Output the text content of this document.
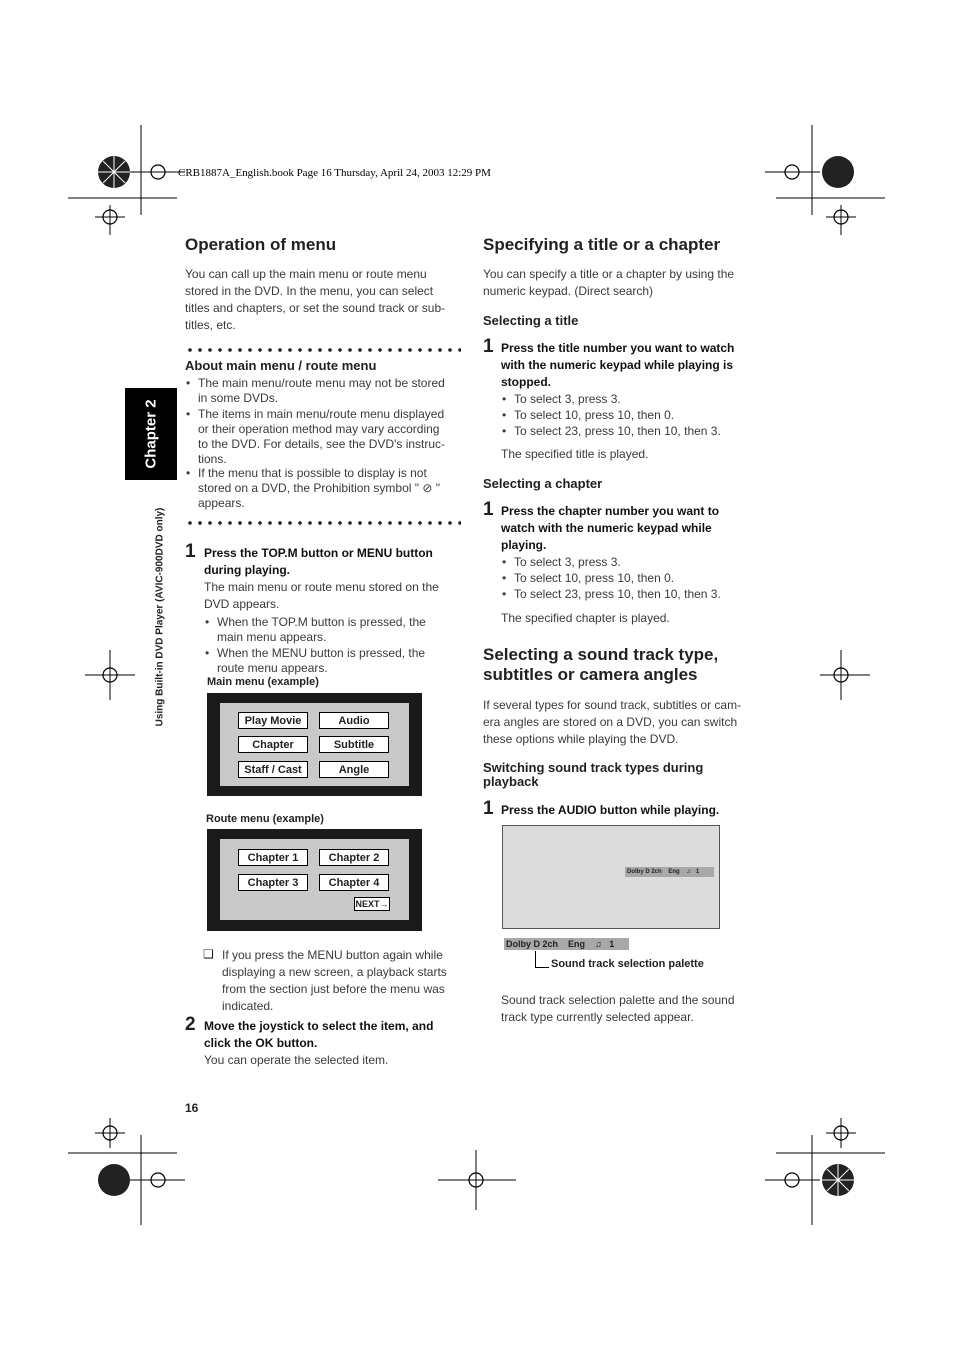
CRB1887A_English.book Page 16 Thursday, April 24, 2003 12:29 PM
Chapter 2
Using Built-in DVD Player (AVIC-900DVD only)
Operation of menu
You can call up the main menu or route menu
stored in the DVD. In the menu, you can select
titles and chapters, or set the sound track or sub-
titles, etc.
About main menu / route menu
• The main menu/route menu may not be stored
in some DVDs.
• The items in main menu/route menu displayed
or their operation method may vary according
to the DVD. For details, see the DVD's instruc-
tions.
• If the menu that is possible to display is not
stored on a DVD, the Prohibition symbol " ⊘ "
appears.
1 Press the TOP.M button or MENU button
during playing.
The main menu or route menu stored on the
DVD appears.
• When the TOP.M button is pressed, the
main menu appears.
• When the MENU button is pressed, the
route menu appears.
Main menu (example)
Play Movie	Audio
Chapter	Subtitle
Staff / Cast	Angle
Route menu (example)
Chapter 1	Chapter 2
Chapter 3	Chapter 4
NEXT→
❑ If you press the MENU button again while
displaying a new screen, a playback starts
from the section just before the menu was
indicated.
2 Move the joystick to select the item, and
click the OK button.
You can operate the selected item.
16
Specifying a title or a chapter
You can specify a title or a chapter by using the
numeric keypad. (Direct search)
Selecting a title
1 Press the title number you want to watch
with the numeric keypad while playing is
stopped.
• To select 3, press 3.
• To select 10, press 10, then 0.
• To select 23, press 10, then 10, then 3.
The specified title is played.
Selecting a chapter
1 Press the chapter number you want to
watch with the numeric keypad while
playing.
• To select 3, press 3.
• To select 10, press 10, then 0.
• To select 23, press 10, then 10, then 3.
The specified chapter is played.
Selecting a sound track type,
subtitles or camera angles
If several types for sound track, subtitles or cam-
era angles are stored on a DVD, you can switch
these options while playing the DVD.
Switching sound track types during
playback
1 Press the AUDIO button while playing.
Dolby D 2ch    Eng    ♫   1
Dolby D 2ch    Eng    ♫   1
Sound track selection palette
Sound track selection palette and the sound
track type currently selected appear.
